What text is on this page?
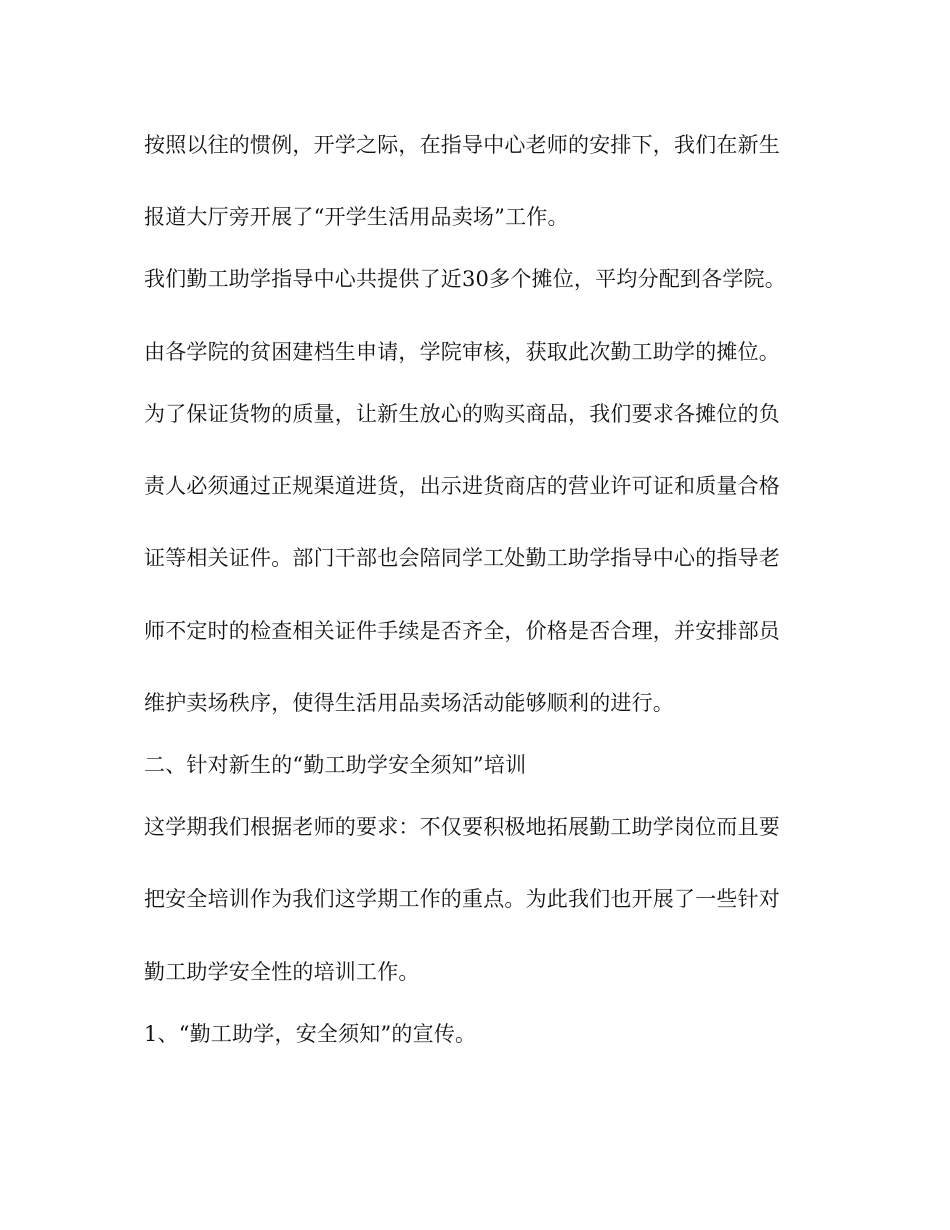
按照以往的惯例，开学之际，在指导中心老师的安排下，我们在新生
报道大厅旁开展了“开学生活用品卖场”工作。
我们勤工助学指导中心共提供了近30多个摊位，平均分配到各学院。
由各学院的贫困建档生申请，学院审核，获取此次勤工助学的摊位。
为了保证货物的质量，让新生放心的购买商品，我们要求各摊位的负
责人必须通过正规渠道进货，出示进货商店的营业许可证和质量合格
证等相关证件。部门干部也会陪同学工处勤工助学指导中心的指导老
师不定时的检查相关证件手续是否齐全，价格是否合理，并安排部员
维护卖场秩序，使得生活用品卖场活动能够顺利的进行。
二、针对新生的“勤工助学安全须知”培训
这学期我们根据老师的要求：不仅要积极地拓展勤工助学岗位而且要
把安全培训作为我们这学期工作的重点。为此我们也开展了一些针对
勤工助学安全性的培训工作。
1、“勤工助学，安全须知”的宣传。
